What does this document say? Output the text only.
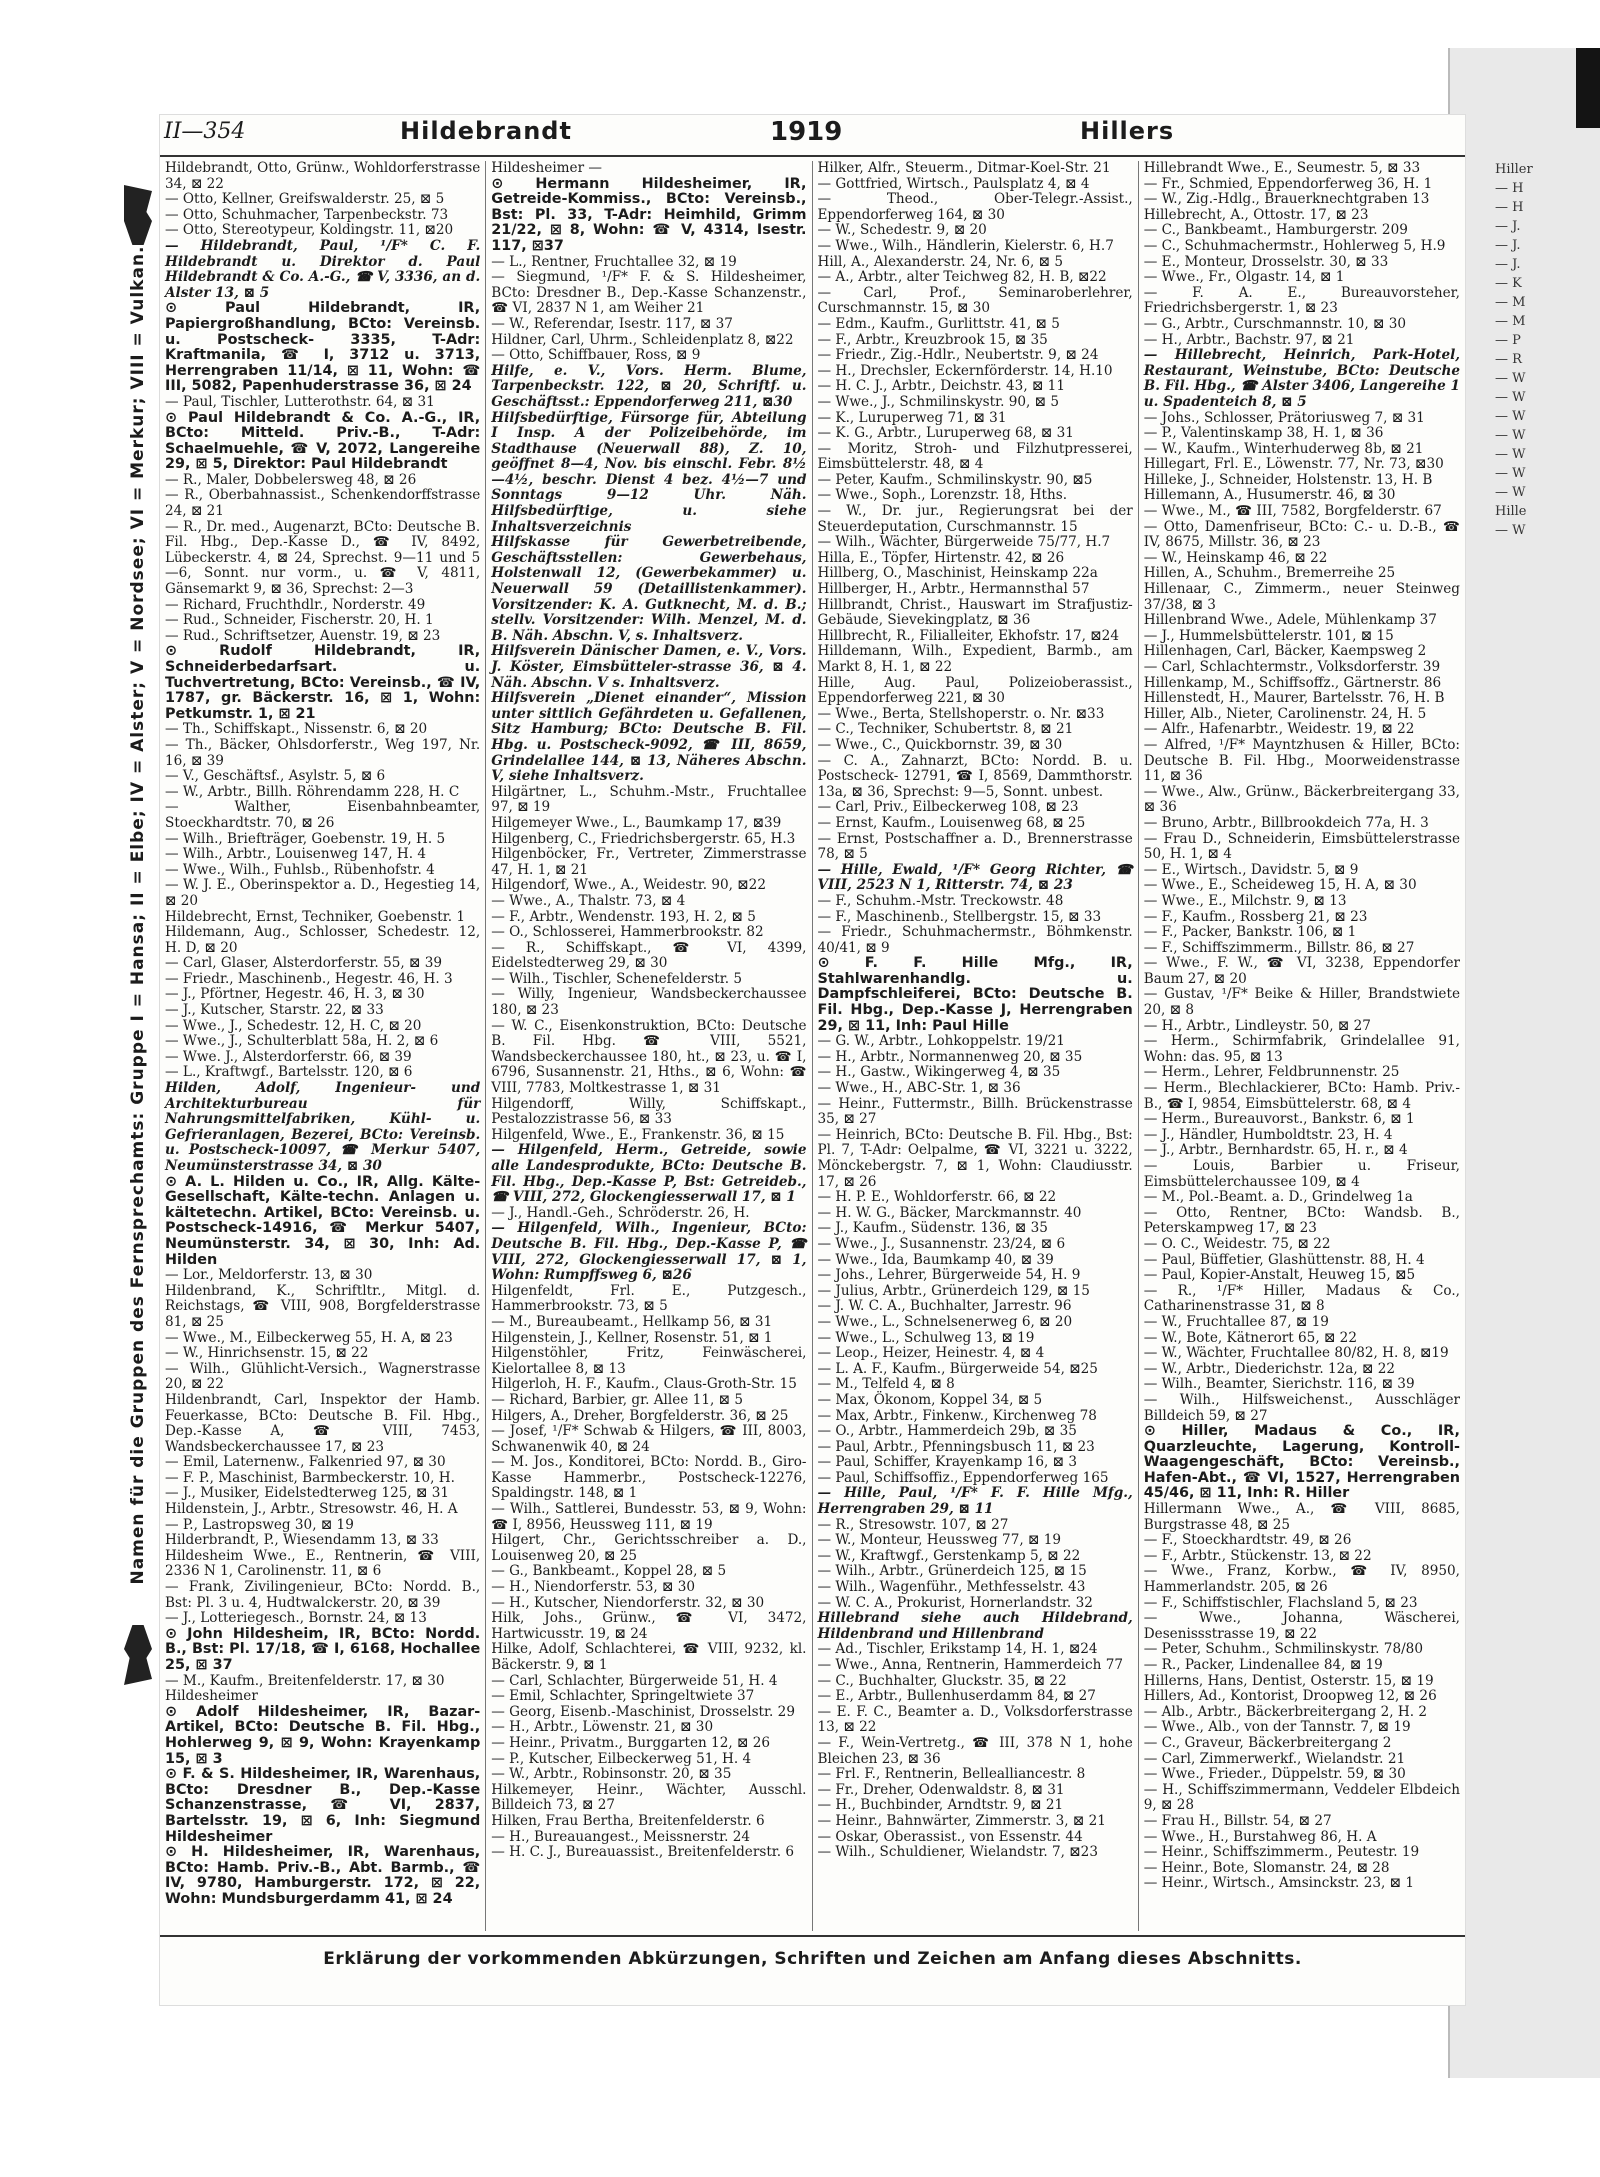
Hiller
— H
— H
— J.
— J.
— J.
— K
— M
— M
— P
— R
— W
— W
— W
— W
— W
— W
— W
Hille
— W
Namen für die Gruppen des Fernsprechamts: Gruppe I = Hansa; II = Elbe; IV = Alster; V = Nordsee; VI = Merkur; VIII = Vulkan.
II—354	Hildebrandt	1919	Hillers

Hildebrandt, Otto, Grünw., Wohldorferstrasse 34, ⊠ 22

— Otto, Kellner, Greifswalderstr. 25, ⊠ 5

— Otto, Schuhmacher, Tarpenbeckstr. 73

— Otto, Stereotypeur, Koldingstr. 11, ⊠20

— Hildebrandt, Paul, ¹/F* C. F. Hildebrandt u. Direktor d. Paul Hildebrandt & Co. A.-G., ☎ V, 3336, an d. Alster 13, ⊠ 5

⊙ Paul Hildebrandt, IR, Papiergroßhandlung, BCto: Vereinsb. u. Postscheck- 3335, T-Adr: Kraftmanila, ☎ I, 3712 u. 3713, Herrengraben 11/14, ⊠ 11, Wohn: ☎ III, 5082, Papenhuderstrasse 36, ⊠ 24

— Paul, Tischler, Lutterothstr. 64, ⊠ 31

⊙ Paul Hildebrandt & Co. A.-G., IR, BCto: Mitteld. Priv.-B., T-Adr: Schaelmuehle, ☎ V, 2072, Langereihe 29, ⊠ 5, Direktor: Paul Hildebrandt

— R., Maler, Dobbelersweg 48, ⊠ 26

— R., Oberbahnassist., Schenkendorffstrasse 24, ⊠ 21

— R., Dr. med., Augenarzt, BCto: Deutsche B. Fil. Hbg., Dep.-Kasse D., ☎ IV, 8492, Lübeckerstr. 4, ⊠ 24, Sprechst. 9—11 und 5—6, Sonnt. nur vorm., u. ☎ V, 4811, Gänsemarkt 9, ⊠ 36, Sprechst: 2—3

— Richard, Fruchthdlr., Norderstr. 49

— Rud., Schneider, Fischerstr. 20, H. 1

— Rud., Schriftsetzer, Auenstr. 19, ⊠ 23

⊙ Rudolf Hildebrandt, IR, Schneiderbedarfsart. u. Tuchvertretung, BCto: Vereinsb., ☎ IV, 1787, gr. Bäckerstr. 16, ⊠ 1, Wohn: Petkumstr. 1, ⊠ 21

— Th., Schiffskapt., Nissenstr. 6, ⊠ 20

— Th., Bäcker, Ohlsdorferstr., Weg 197, Nr. 16, ⊠ 39

— V., Geschäftsf., Asylstr. 5, ⊠ 6

— W., Arbtr., Billh. Röhrendamm 228, H. C

— Walther, Eisenbahnbeamter, Stoeckhardtstr. 70, ⊠ 26

— Wilh., Briefträger, Goebenstr. 19, H. 5

— Wilh., Arbtr., Louisenweg 147, H. 4

— Wwe., Wilh., Fuhlsb., Rübenhofstr. 4

— W. J. E., Oberinspektor a. D., Hegestieg 14, ⊠ 20

Hildebrecht, Ernst, Techniker, Goebenstr. 1

Hildemann, Aug., Schlosser, Schedestr. 12, H. D, ⊠ 20

— Carl, Glaser, Alsterdorferstr. 55, ⊠ 39

— Friedr., Maschinenb., Hegestr. 46, H. 3

— J., Pförtner, Hegestr. 46, H. 3, ⊠ 30

— J., Kutscher, Starstr. 22, ⊠ 33

— Wwe., J., Schedestr. 12, H. C, ⊠ 20

— Wwe., J., Schulterblatt 58a, H. 2, ⊠ 6

— Wwe. J., Alsterdorferstr. 66, ⊠ 39

— L., Kraftwgf., Bartelsstr. 120, ⊠ 6

Hilden, Adolf, Ingenieur- und Architekturbureau für Nahrungsmittelfabriken, Kühl- u. Gefrieranlagen, Bezerei, BCto: Vereinsb. u. Postscheck-10097, ☎ Merkur 5407, Neumünsterstrasse 34, ⊠ 30

⊙ A. L. Hilden u. Co., IR, Allg. Kälte-Gesellschaft, Kälte-techn. Anlagen u. kältetechn. Artikel, BCto: Vereinsb. u. Postscheck-14916, ☎ Merkur 5407, Neumünsterstr. 34, ⊠ 30, Inh: Ad. Hilden

— Lor., Meldorferstr. 13, ⊠ 30

Hildenbrand, K., Schriftltr., Mitgl. d. Reichstags, ☎ VIII, 908, Borgfelderstrasse 81, ⊠ 25

— Wwe., M., Eilbeckerweg 55, H. A, ⊠ 23

— W., Hinrichsenstr. 15, ⊠ 22

— Wilh., Glühlicht-Versich., Wagnerstrasse 20, ⊠ 22

Hildenbrandt, Carl, Inspektor der Hamb. Feuerkasse, BCto: Deutsche B. Fil. Hbg., Dep.-Kasse A, ☎ VIII, 7453, Wandsbeckerchaussee 17, ⊠ 23

— Emil, Laternenw., Falkenried 97, ⊠ 30

— F. P., Maschinist, Barmbeckerstr. 10, H.

— J., Musiker, Eidelstedterweg 125, ⊠ 31

Hildenstein, J., Arbtr., Stresowstr. 46, H. A

— P., Lastropsweg 30, ⊠ 19

Hilderbrandt, P., Wiesendamm 13, ⊠ 33

Hildesheim Wwe., E., Rentnerin, ☎ VIII, 2336 N 1, Carolinenstr. 11, ⊠ 6

— Frank, Zivilingenieur, BCto: Nordd. B., Bst: Pl. 3 u. 4, Hudtwalckerstr. 20, ⊠ 39

— J., Lotteriegesch., Bornstr. 24, ⊠ 13

⊙ John Hildesheim, IR, BCto: Nordd. B., Bst: Pl. 17/18, ☎ I, 6168, Hochallee 25, ⊠ 37

— M., Kaufm., Breitenfelderstr. 17, ⊠ 30

Hildesheimer

⊙ Adolf Hildesheimer, IR, Bazar-Artikel, BCto: Deutsche B. Fil. Hbg., Hohlerweg 9, ⊠ 9, Wohn: Krayenkamp 15, ⊠ 3

⊙ F. & S. Hildesheimer, IR, Warenhaus, BCto: Dresdner B., Dep.-Kasse Schanzenstrasse, ☎ VI, 2837, Bartelsstr. 19, ⊠ 6, Inh: Siegmund Hildesheimer

⊙ H. Hildesheimer, IR, Warenhaus, BCto: Hamb. Priv.-B., Abt. Barmb., ☎ IV, 9780, Hamburgerstr. 172, ⊠ 22, Wohn: Mundsburgerdamm 41, ⊠ 24

Hildesheimer —

⊙ Hermann Hildesheimer, IR, Getreide-Kommiss., BCto: Vereinsb., Bst: Pl. 33, T-Adr: Heimhild, Grimm 21/22, ⊠ 8, Wohn: ☎ V, 4314, Isestr. 117, ⊠37

— L., Rentner, Fruchtallee 32, ⊠ 19

— Siegmund, ¹/F* F. & S. Hildesheimer, BCto: Dresdner B., Dep.-Kasse Schanzenstr., ☎ VI, 2837 N 1, am Weiher 21

— W., Referendar, Isestr. 117, ⊠ 37

Hildner, Carl, Uhrm., Schleidenplatz 8, ⊠22

— Otto, Schiffbauer, Ross, ⊠ 9

Hilfe, e. V., Vors. Herm. Blume, Tarpenbeckstr. 122, ⊠ 20, Schriftf. u. Geschäftsst.: Eppendorferweg 211, ⊠30

Hilfsbedürftige, Fürsorge für, Abteilung I Insp. A der Polizeibehörde, im Stadthause (Neuerwall 88), Z. 10, geöffnet 8—4, Nov. bis einschl. Febr. 8½—4½, beschr. Dienst 4 bez. 4½—7 und Sonntags 9—12 Uhr. Näh. Hilfsbedürftige, u. siehe Inhaltsverzeichnis

Hilfskasse für Gewerbetreibende, Geschäftsstellen: Gewerbehaus, Holstenwall 12, (Gewerbekammer) u. Neuerwall 59 (Detaillistenkammer). Vorsitzender: K. A. Gutknecht, M. d. B.; stellv. Vorsitzender: Wilh. Menzel, M. d. B. Näh. Abschn. V, s. Inhaltsverz.

Hilfsverein Dänischer Damen, e. V., Vors. J. Köster, Eimsbütteler-strasse 36, ⊠ 4. Näh. Abschn. V s. Inhaltsverz.

Hilfsverein „Dienet einander“, Mission unter sittlich Gefährdeten u. Gefallenen, Sitz Hamburg; BCto: Deutsche B. Fil. Hbg. u. Postscheck-9092, ☎ III, 8659, Grindelallee 144, ⊠ 13, Näheres Abschn. V, siehe Inhaltsverz.

Hilgärtner, L., Schuhm.-Mstr., Fruchtallee 97, ⊠ 19

Hilgemeyer Wwe., L., Baumkamp 17, ⊠39

Hilgenberg, C., Friedrichsbergerstr. 65, H.3

Hilgenböcker, Fr., Vertreter, Zimmerstrasse 47, H. 1, ⊠ 21

Hilgendorf, Wwe., A., Weidestr. 90, ⊠22

— Wwe., A., Thalstr. 73, ⊠ 4

— F., Arbtr., Wendenstr. 193, H. 2, ⊠ 5

— O., Schlosserei, Hammerbrookstr. 82

— R., Schiffskapt., ☎ VI, 4399, Eidelstedterweg 29, ⊠ 30

— Wilh., Tischler, Schenefelderstr. 5

— Willy, Ingenieur, Wandsbeckerchaussee 180, ⊠ 23

— W. C., Eisenkonstruktion, BCto: Deutsche B. Fil. Hbg. ☎ VIII, 5521, Wandsbeckerchaussee 180, ht., ⊠ 23, u. ☎ I, 6796, Susannenstr. 21, Hths., ⊠ 6, Wohn: ☎ VIII, 7783, Moltkestrasse 1, ⊠ 31

Hilgendorff, Willy, Schiffskapt., Pestalozzistrasse 56, ⊠ 33

Hilgenfeld, Wwe., E., Frankenstr. 36, ⊠ 15

— Hilgenfeld, Herm., Getreide, sowie alle Landesprodukte, BCto: Deutsche B. Fil. Hbg., Dep.-Kasse P, Bst: Getreideb., ☎ VIII, 272, Glockengiesserwall 17, ⊠ 1

— J., Handl.-Geh., Schröderstr. 26, H.

— Hilgenfeld, Wilh., Ingenieur, BCto: Deutsche B. Fil. Hbg., Dep.-Kasse P, ☎ VIII, 272, Glockengiesserwall 17, ⊠ 1, Wohn: Rumpffsweg 6, ⊠26

Hilgenfeldt, Frl. E., Putzgesch., Hammerbrookstr. 73, ⊠ 5

— M., Bureaubeamt., Hellkamp 56, ⊠ 31

Hilgenstein, J., Kellner, Rosenstr. 51, ⊠ 1

Hilgenstöhler, Fritz, Feinwäscherei, Kielortallee 8, ⊠ 13

Hilgerloh, H. F., Kaufm., Claus-Groth-Str. 15

— Richard, Barbier, gr. Allee 11, ⊠ 5

Hilgers, A., Dreher, Borgfelderstr. 36, ⊠ 25

— Josef, ¹/F* Schwab & Hilgers, ☎ III, 8003, Schwanenwik 40, ⊠ 24

— M. Jos., Konditorei, BCto: Nordd. B., Giro-Kasse Hammerbr., Postscheck-12276, Spaldingstr. 148, ⊠ 1

— Wilh., Sattlerei, Bundesstr. 53, ⊠ 9, Wohn: ☎ I, 8956, Heussweg 111, ⊠ 19

Hilgert, Chr., Gerichtsschreiber a. D., Louisenweg 20, ⊠ 25

— G., Bankbeamt., Koppel 28, ⊠ 5

— H., Niendorferstr. 53, ⊠ 30

— H., Kutscher, Niendorferstr. 32, ⊠ 30

Hilk, Johs., Grünw., ☎ VI, 3472, Hartwicusstr. 19, ⊠ 24

Hilke, Adolf, Schlachterei, ☎ VIII, 9232, kl. Bäckerstr. 9, ⊠ 1

— Carl, Schlachter, Bürgerweide 51, H. 4

— Emil, Schlachter, Springeltwiete 37

— Georg, Eisenb.-Maschinist, Drosselstr. 29

— H., Arbtr., Löwenstr. 21, ⊠ 30

— Heinr., Privatm., Burggarten 12, ⊠ 26

— P., Kutscher, Eilbeckerweg 51, H. 4

— W., Arbtr., Robinsonstr. 20, ⊠ 35

Hilkemeyer, Heinr., Wächter, Ausschl. Billdeich 73, ⊠ 27

Hilken, Frau Bertha, Breitenfelderstr. 6

— H., Bureauangest., Meissnerstr. 24

— H. C. J., Bureauassist., Breitenfelderstr. 6

Hilker, Alfr., Steuerm., Ditmar-Koel-Str. 21

— Gottfried, Wirtsch., Paulsplatz 4, ⊠ 4

— Theod., Ober-Telegr.-Assist., Eppendorferweg 164, ⊠ 30

— W., Schedestr. 9, ⊠ 20

— Wwe., Wilh., Händlerin, Kielerstr. 6, H.7

Hill, A., Alexanderstr. 24, Nr. 6, ⊠ 5

— A., Arbtr., alter Teichweg 82, H. B, ⊠22

— Carl, Prof., Seminaroberlehrer, Curschmannstr. 15, ⊠ 30

— Edm., Kaufm., Gurlittstr. 41, ⊠ 5

— F., Arbtr., Kreuzbrook 15, ⊠ 35

— Friedr., Zig.-Hdlr., Neubertstr. 9, ⊠ 24

— H., Drechsler, Eckernförderstr. 14, H.10

— H. C. J., Arbtr., Deichstr. 43, ⊠ 11

— Wwe., J., Schmilinskystr. 90, ⊠ 5

— K., Luruperweg 71, ⊠ 31

— K. G., Arbtr., Luruperweg 68, ⊠ 31

— Moritz, Stroh- und Filzhutpresserei, Eimsbüttelerstr. 48, ⊠ 4

— Peter, Kaufm., Schmilinskystr. 90, ⊠5

— Wwe., Soph., Lorenzstr. 18, Hths.

— W., Dr. jur., Regierungsrat bei der Steuerdeputation, Curschmannstr. 15

— Wilh., Wächter, Bürgerweide 75/77, H.7

Hilla, E., Töpfer, Hirtenstr. 42, ⊠ 26

Hillberg, O., Maschinist, Heinskamp 22a

Hillberger, H., Arbtr., Hermannsthal 57

Hillbrandt, Christ., Hauswart im Strafjustiz-Gebäude, Sievekingplatz, ⊠ 36

Hillbrecht, R., Filialleiter, Ekhofstr. 17, ⊠24

Hilldemann, Wilh., Expedient, Barmb., am Markt 8, H. 1, ⊠ 22

Hille, Aug. Paul, Polizeioberassist., Eppendorferweg 221, ⊠ 30

— Wwe., Berta, Stellshoperstr. o. Nr. ⊠33

— C., Techniker, Schubertstr. 8, ⊠ 21

— Wwe., C., Quickbornstr. 39, ⊠ 30

— C. A., Zahnarzt, BCto: Nordd. B. u. Postscheck- 12791, ☎ I, 8569, Dammthorstr. 13a, ⊠ 36, Sprechst: 9—5, Sonnt. unbest.

— Carl, Priv., Eilbeckerweg 108, ⊠ 23

— Ernst, Kaufm., Louisenweg 68, ⊠ 25

— Ernst, Postschaffner a. D., Brennerstrasse 78, ⊠ 5

— Hille, Ewald, ¹/F* Georg Richter, ☎ VIII, 2523 N 1, Ritterstr. 74, ⊠ 23

— F., Schuhm.-Mstr. Treckowstr. 48

— F., Maschinenb., Stellbergstr. 15, ⊠ 33

— Friedr., Schuhmachermstr., Böhmkenstr. 40/41, ⊠ 9

⊙ F. F. Hille Mfg., IR, Stahlwarenhandlg. u. Dampfschleiferei, BCto: Deutsche B. Fil. Hbg., Dep.-Kasse J, Herrengraben 29, ⊠ 11, Inh: Paul Hille

— G. W., Arbtr., Lohkoppelstr. 19/21

— H., Arbtr., Normannenweg 20, ⊠ 35

— H., Gastw., Wikingerweg 4, ⊠ 35

— Wwe., H., ABC-Str. 1, ⊠ 36

— Heinr., Futtermstr., Billh. Brückenstrasse 35, ⊠ 27

— Heinrich, BCto: Deutsche B. Fil. Hbg., Bst: Pl. 7, T-Adr: Oelpalme, ☎ VI, 3221 u. 3222, Mönckebergstr. 7, ⊠ 1, Wohn: Claudiusstr. 17, ⊠ 26

— H. P. E., Wohldorferstr. 66, ⊠ 22

— H. W. G., Bäcker, Marckmannstr. 40

— J., Kaufm., Südenstr. 136, ⊠ 35

— Wwe., J., Susannenstr. 23/24, ⊠ 6

— Wwe., Ida, Baumkamp 40, ⊠ 39

— Johs., Lehrer, Bürgerweide 54, H. 9

— Julius, Arbtr., Grünerdeich 129, ⊠ 15

— J. W. C. A., Buchhalter, Jarrestr. 96

— Wwe., L., Schnelsenerweg 6, ⊠ 20

— Wwe., L., Schulweg 13, ⊠ 19

— Leop., Heizer, Heinestr. 4, ⊠ 4

— L. A. F., Kaufm., Bürgerweide 54, ⊠25

— M., Telfeld 4, ⊠ 8

— Max, Ökonom, Koppel 34, ⊠ 5

— Max, Arbtr., Finkenw., Kirchenweg 78

— O., Arbtr., Hammerdeich 29b, ⊠ 35

— Paul, Arbtr., Pfenningsbusch 11, ⊠ 23

— Paul, Schiffer, Krayenkamp 16, ⊠ 3

— Paul, Schiffsoffiz., Eppendorferweg 165

— Hille, Paul, ¹/F* F. F. Hille Mfg., Herrengraben 29, ⊠ 11

— R., Stresowstr. 107, ⊠ 27

— W., Monteur, Heussweg 77, ⊠ 19

— W., Kraftwgf., Gerstenkamp 5, ⊠ 22

— Wilh., Arbtr., Grünerdeich 125, ⊠ 15

— Wilh., Wagenführ., Methfesselstr. 43

— W. C. A., Prokurist, Hornerlandstr. 32

Hillebrand siehe auch Hildebrand, Hildenbrand und Hillenbrand

— Ad., Tischler, Erikstamp 14, H. 1, ⊠24

— Wwe., Anna, Rentnerin, Hammerdeich 77

— C., Buchhalter, Gluckstr. 35, ⊠ 22

— E., Arbtr., Bullenhuserdamm 84, ⊠ 27

— E. F. C., Beamter a. D., Volksdorferstrasse 13, ⊠ 22

— F., Wein-Vertretg., ☎ III, 378 N 1, hohe Bleichen 23, ⊠ 36

— Frl. F., Rentnerin, Bellealliancestr. 8

— Fr., Dreher, Odenwaldstr. 8, ⊠ 31

— H., Buchbinder, Arndtstr. 9, ⊠ 21

— Heinr., Bahnwärter, Zimmerstr. 3, ⊠ 21

— Oskar, Oberassist., von Essenstr. 44

— Wilh., Schuldiener, Wielandstr. 7, ⊠23

Hillebrandt Wwe., E., Seumestr. 5, ⊠ 33

— Fr., Schmied, Eppendorferweg 36, H. 1

— W., Zig.-Hdlg., Brauerknechtgraben 13

Hillebrecht, A., Ottostr. 17, ⊠ 23

— C., Bankbeamt., Hamburgerstr. 209

— C., Schuhmachermstr., Hohlerweg 5, H.9

— E., Monteur, Drosselstr. 30, ⊠ 33

— Wwe., Fr., Olgastr. 14, ⊠ 1

— F. A. E., Bureauvorsteher, Friedrichsbergerstr. 1, ⊠ 23

— G., Arbtr., Curschmannstr. 10, ⊠ 30

— H., Arbtr., Bachstr. 97, ⊠ 21

— Hillebrecht, Heinrich, Park-Hotel, Restaurant, Weinstube, BCto: Deutsche B. Fil. Hbg., ☎ Alster 3406, Langereihe 1 u. Spadenteich 8, ⊠ 5

— Johs., Schlosser, Prätoriusweg 7, ⊠ 31

— P., Valentinskamp 38, H. 1, ⊠ 36

— W., Kaufm., Winterhuderweg 8b, ⊠ 21

Hillegart, Frl. E., Löwenstr. 77, Nr. 73, ⊠30

Hilleke, J., Schneider, Holstenstr. 13, H. B

Hillemann, A., Husumerstr. 46, ⊠ 30

— Wwe., M., ☎ III, 7582, Borgfelderstr. 67

— Otto, Damenfriseur, BCto: C.- u. D.-B., ☎ IV, 8675, Millstr. 36, ⊠ 23

— W., Heinskamp 46, ⊠ 22

Hillen, A., Schuhm., Bremerreihe 25

Hillenaar, C., Zimmerm., neuer Steinweg 37/38, ⊠ 3

Hillenbrand Wwe., Adele, Mühlenkamp 37

— J., Hummelsbüttelerstr. 101, ⊠ 15

Hillenhagen, Carl, Bäcker, Kaempsweg 2

— Carl, Schlachtermstr., Volksdorferstr. 39

Hillenkamp, M., Schiffsoffz., Gärtnerstr. 86

Hillenstedt, H., Maurer, Bartelsstr. 76, H. B

Hiller, Alb., Nieter, Carolinenstr. 24, H. 5

— Alfr., Hafenarbtr., Weidestr. 19, ⊠ 22

— Alfred, ¹/F* Mayntzhusen & Hiller, BCto: Deutsche B. Fil. Hbg., Moorweidenstrasse 11, ⊠ 36

— Wwe., Alw., Grünw., Bäckerbreitergang 33, ⊠ 36

— Bruno, Arbtr., Billbrookdeich 77a, H. 3

— Frau D., Schneiderin, Eimsbüttelerstrasse 50, H. 1, ⊠ 4

— E., Wirtsch., Davidstr. 5, ⊠ 9

— Wwe., E., Scheideweg 15, H. A, ⊠ 30

— Wwe., E., Milchstr. 9, ⊠ 13

— F., Kaufm., Rossberg 21, ⊠ 23

— F., Packer, Bankstr. 106, ⊠ 1

— F., Schiffszimmerm., Billstr. 86, ⊠ 27

— Wwe., F. W., ☎ VI, 3238, Eppendorfer Baum 27, ⊠ 20

— Gustav, ¹/F* Beike & Hiller, Brandstwiete 20, ⊠ 8

— H., Arbtr., Lindleystr. 50, ⊠ 27

— Herm., Schirmfabrik, Grindelallee 91, Wohn: das. 95, ⊠ 13

— Herm., Lehrer, Feldbrunnenstr. 25

— Herm., Blechlackierer, BCto: Hamb. Priv.-B., ☎ I, 9854, Eimsbüttelerstr. 68, ⊠ 4

— Herm., Bureauvorst., Bankstr. 6, ⊠ 1

— J., Händler, Humboldtstr. 23, H. 4

— J., Arbtr., Bernhardstr. 65, H. r., ⊠ 4

— Louis, Barbier u. Friseur, Eimsbüttelerchaussee 109, ⊠ 4

— M., Pol.-Beamt. a. D., Grindelweg 1a

— Otto, Rentner, BCto: Wandsb. B., Peterskampweg 17, ⊠ 23

— O. C., Weidestr. 75, ⊠ 22

— Paul, Büffetier, Glashüttenstr. 88, H. 4

— Paul, Kopier-Anstalt, Heuweg 15, ⊠5

— R., ¹/F* Hiller, Madaus & Co., Catharinenstrasse 31, ⊠ 8

— W., Fruchtallee 87, ⊠ 19

— W., Bote, Kätnerort 65, ⊠ 22

— W., Wächter, Fruchtallee 80/82, H. 8, ⊠19

— W., Arbtr., Diederichstr. 12a, ⊠ 22

— Wilh., Beamter, Sierichstr. 116, ⊠ 39

— Wilh., Hilfsweichenst., Ausschläger Billdeich 59, ⊠ 27

⊙ Hiller, Madaus & Co., IR, Quarzleuchte, Lagerung, Kontroll-Waagengeschäft, BCto: Vereinsb., Hafen-Abt., ☎ VI, 1527, Herrengraben 45/46, ⊠ 11, Inh: R. Hiller

Hillermann Wwe., A., ☎ VIII, 8685, Burgstrasse 48, ⊠ 25

— F., Stoeckhardtstr. 49, ⊠ 26

— F., Arbtr., Stückenstr. 13, ⊠ 22

— Wwe., Franz, Korbw., ☎ IV, 8950, Hammerlandstr. 205, ⊠ 26

— F., Schiffstischler, Flachsland 5, ⊠ 23

— Wwe., Johanna, Wäscherei, Desenissstrasse 19, ⊠ 22

— Peter, Schuhm., Schmilinskystr. 78/80

— R., Packer, Lindenallee 84, ⊠ 19

Hillerns, Hans, Dentist, Osterstr. 15, ⊠ 19

Hillers, Ad., Kontorist, Droopweg 12, ⊠ 26

— Alb., Arbtr., Bäckerbreitergang 2, H. 2

— Wwe., Alb., von der Tannstr. 7, ⊠ 19

— C., Graveur, Bäckerbreitergang 2

— Carl, Zimmerwerkf., Wielandstr. 21

— Wwe., Frieder., Düppelstr. 59, ⊠ 30

— H., Schiffszimmermann, Veddeler Elbdeich 9, ⊠ 28

— Frau H., Billstr. 54, ⊠ 27

— Wwe., H., Burstahweg 86, H. A

— Heinr., Schiffszimmerm., Peutestr. 19

— Heinr., Bote, Slomanstr. 24, ⊠ 28

— Heinr., Wirtsch., Amsinckstr. 23, ⊠ 1

Erklärung der vorkommenden Abkürzungen, Schriften und Zeichen am Anfang dieses Abschnitts.
